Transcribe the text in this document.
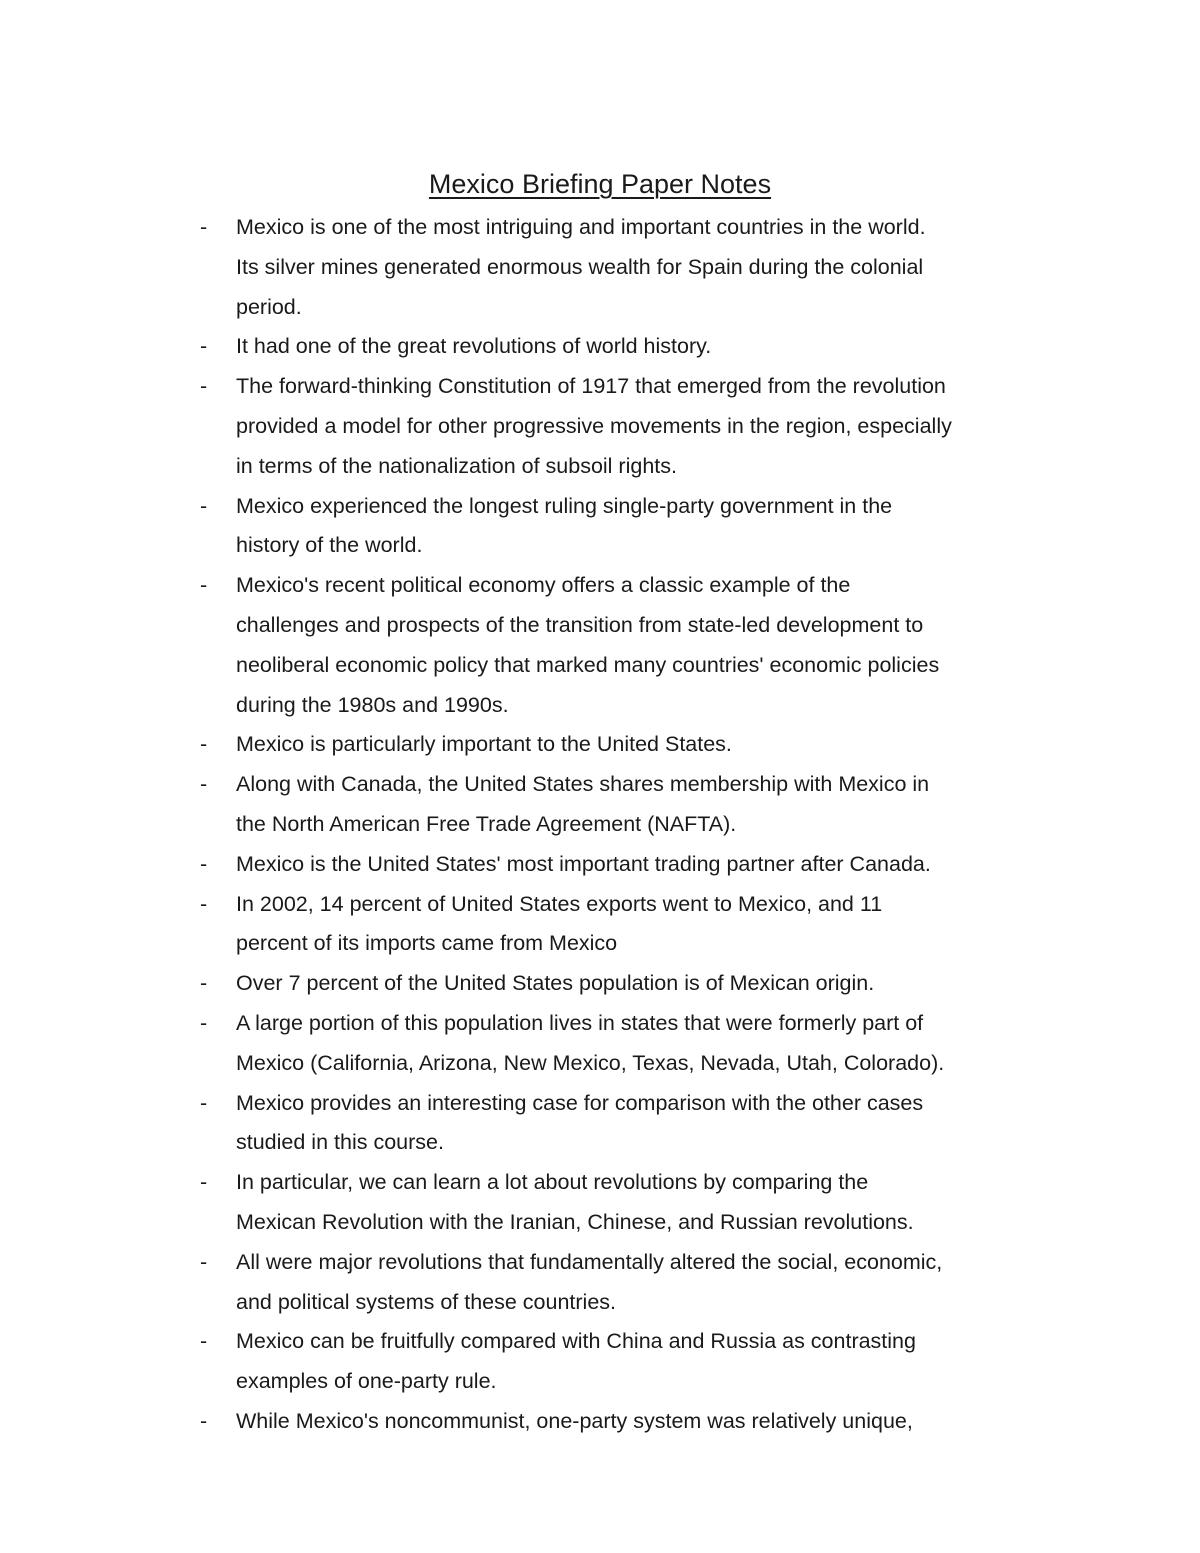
Mexico Briefing Paper Notes
-	Mexico is one of the most intriguing and important countries in the world.
Its silver mines generated enormous wealth for Spain during the colonial
period.
-	It had one of the great revolutions of world history.
-	The forward-thinking Constitution of 1917 that emerged from the revolution
provided a model for other progressive movements in the region, especially
in terms of the nationalization of subsoil rights.
-	Mexico experienced the longest ruling single-party government in the
history of the world.
-	Mexico's recent political economy offers a classic example of the
challenges and prospects of the transition from state-led development to
neoliberal economic policy that marked many countries' economic policies
during the 1980s and 1990s.
-	Mexico is particularly important to the United States.
-	Along with Canada, the United States shares membership with Mexico in
the North American Free Trade Agreement (NAFTA).
-	Mexico is the United States' most important trading partner after Canada.
-	In 2002, 14 percent of United States exports went to Mexico, and 11
percent of its imports came from Mexico
-	Over 7 percent of the United States population is of Mexican origin.
-	A large portion of this population lives in states that were formerly part of
Mexico (California, Arizona, New Mexico, Texas, Nevada, Utah, Colorado).
-	Mexico provides an interesting case for comparison with the other cases
studied in this course.
-	In particular, we can learn a lot about revolutions by comparing the
Mexican Revolution with the Iranian, Chinese, and Russian revolutions.
-	All were major revolutions that fundamentally altered the social, economic,
and political systems of these countries.
-	Mexico can be fruitfully compared with China and Russia as contrasting
examples of one-party rule.
-	While Mexico's noncommunist, one-party system was relatively unique,
